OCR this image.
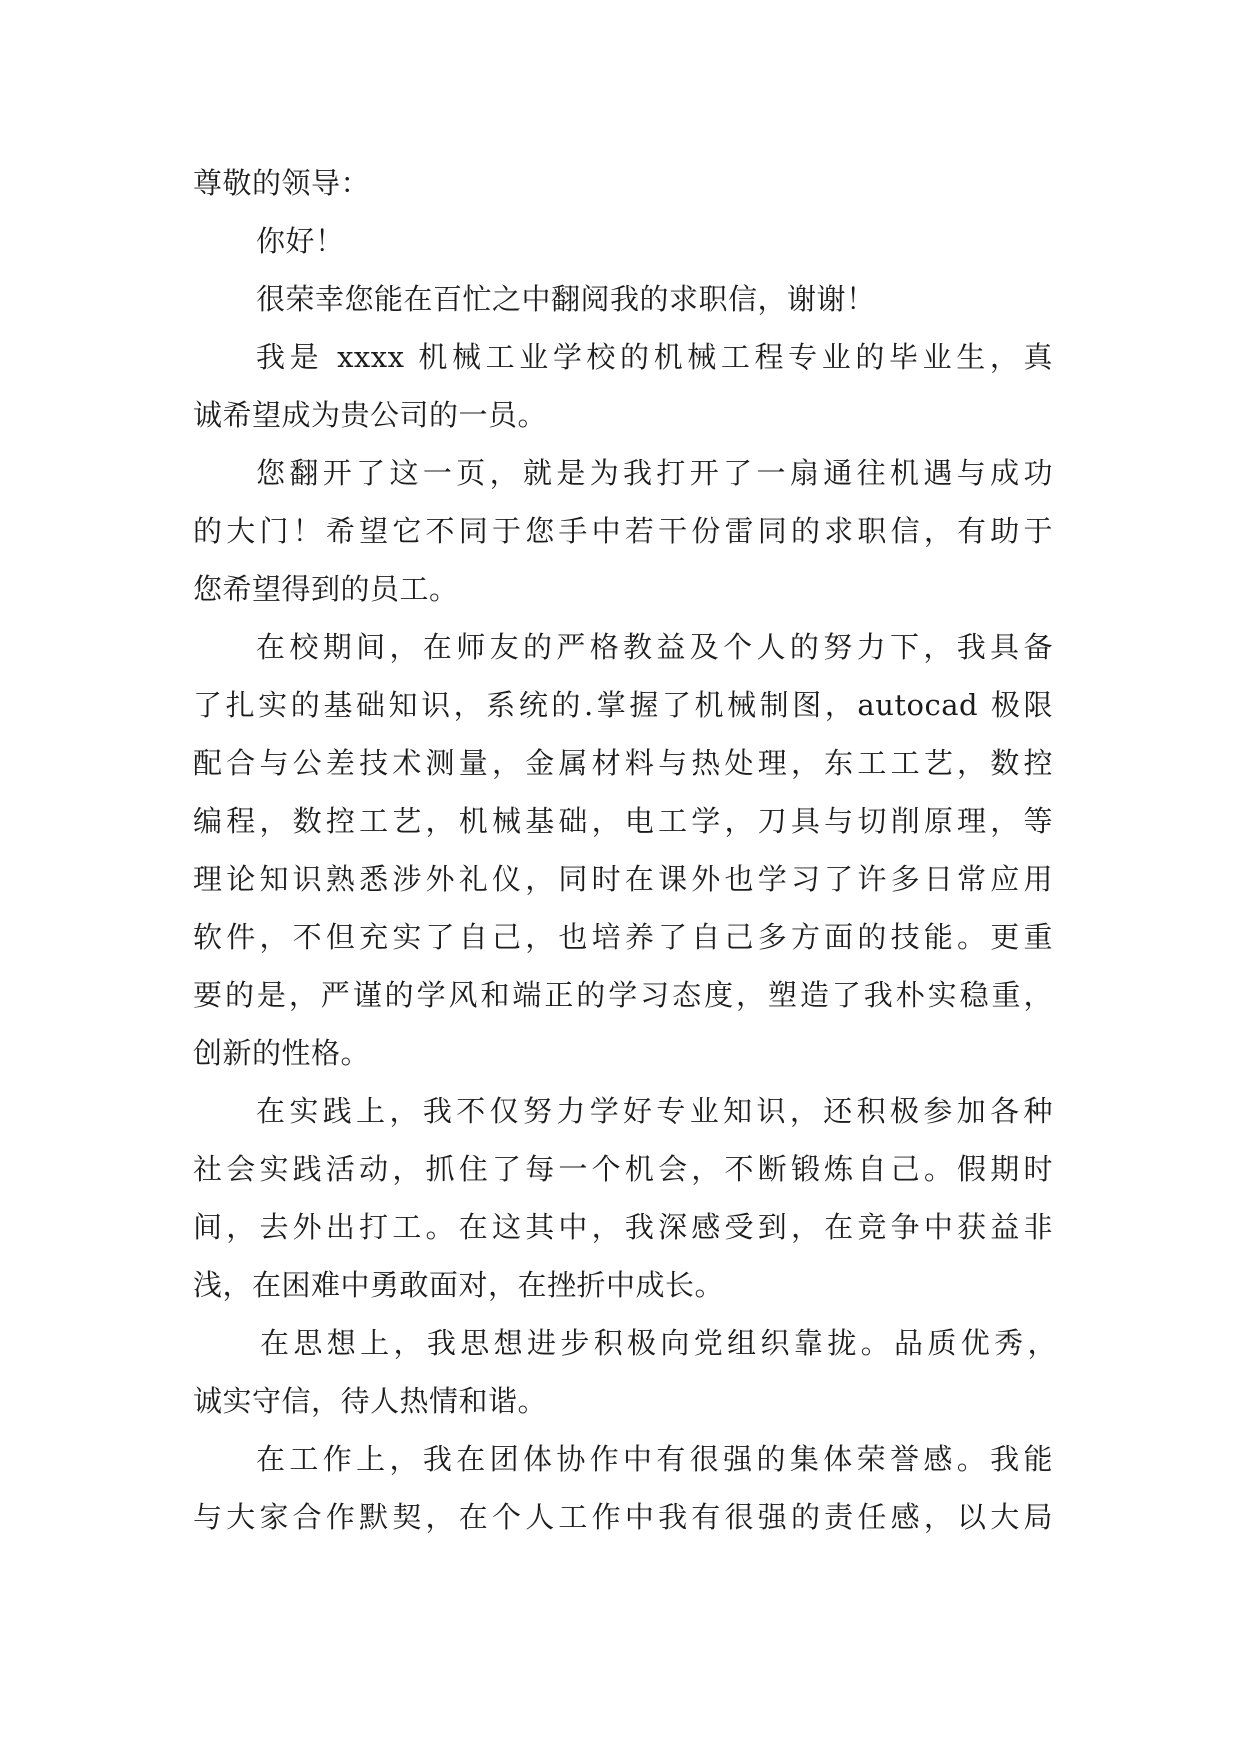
尊敬的领导：
你好！
很荣幸您能在百忙之中翻阅我的求职信，谢谢！
我是 xxxx 机械工业学校的机械工程专业的毕业生，真
诚希望成为贵公司的一员。
您翻开了这一页，就是为我打开了一扇通往机遇与成功
的大门！希望它不同于您手中若干份雷同的求职信，有助于
您希望得到的员工。
在校期间，在师友的严格教益及个人的努力下，我具备
了扎实的基础知识，系统的.掌握了机械制图，autocad 极限
配合与公差技术测量，金属材料与热处理，东工工艺，数控
编程，数控工艺，机械基础，电工学，刀具与切削原理，等
理论知识熟悉涉外礼仪，同时在课外也学习了许多日常应用
软件，不但充实了自己，也培养了自己多方面的技能。更重
要的是，严谨的学风和端正的学习态度，塑造了我朴实稳重，
创新的性格。
在实践上，我不仅努力学好专业知识，还积极参加各种
社会实践活动，抓住了每一个机会，不断锻炼自己。假期时
间，去外出打工。在这其中，我深感受到，在竞争中获益非
浅，在困难中勇敢面对，在挫折中成长。
在思想上，我思想进步积极向党组织靠拢。品质优秀，
诚实守信，待人热情和谐。
在工作上，我在团体协作中有很强的集体荣誉感。我能
与大家合作默契，在个人工作中我有很强的责任感，以大局
